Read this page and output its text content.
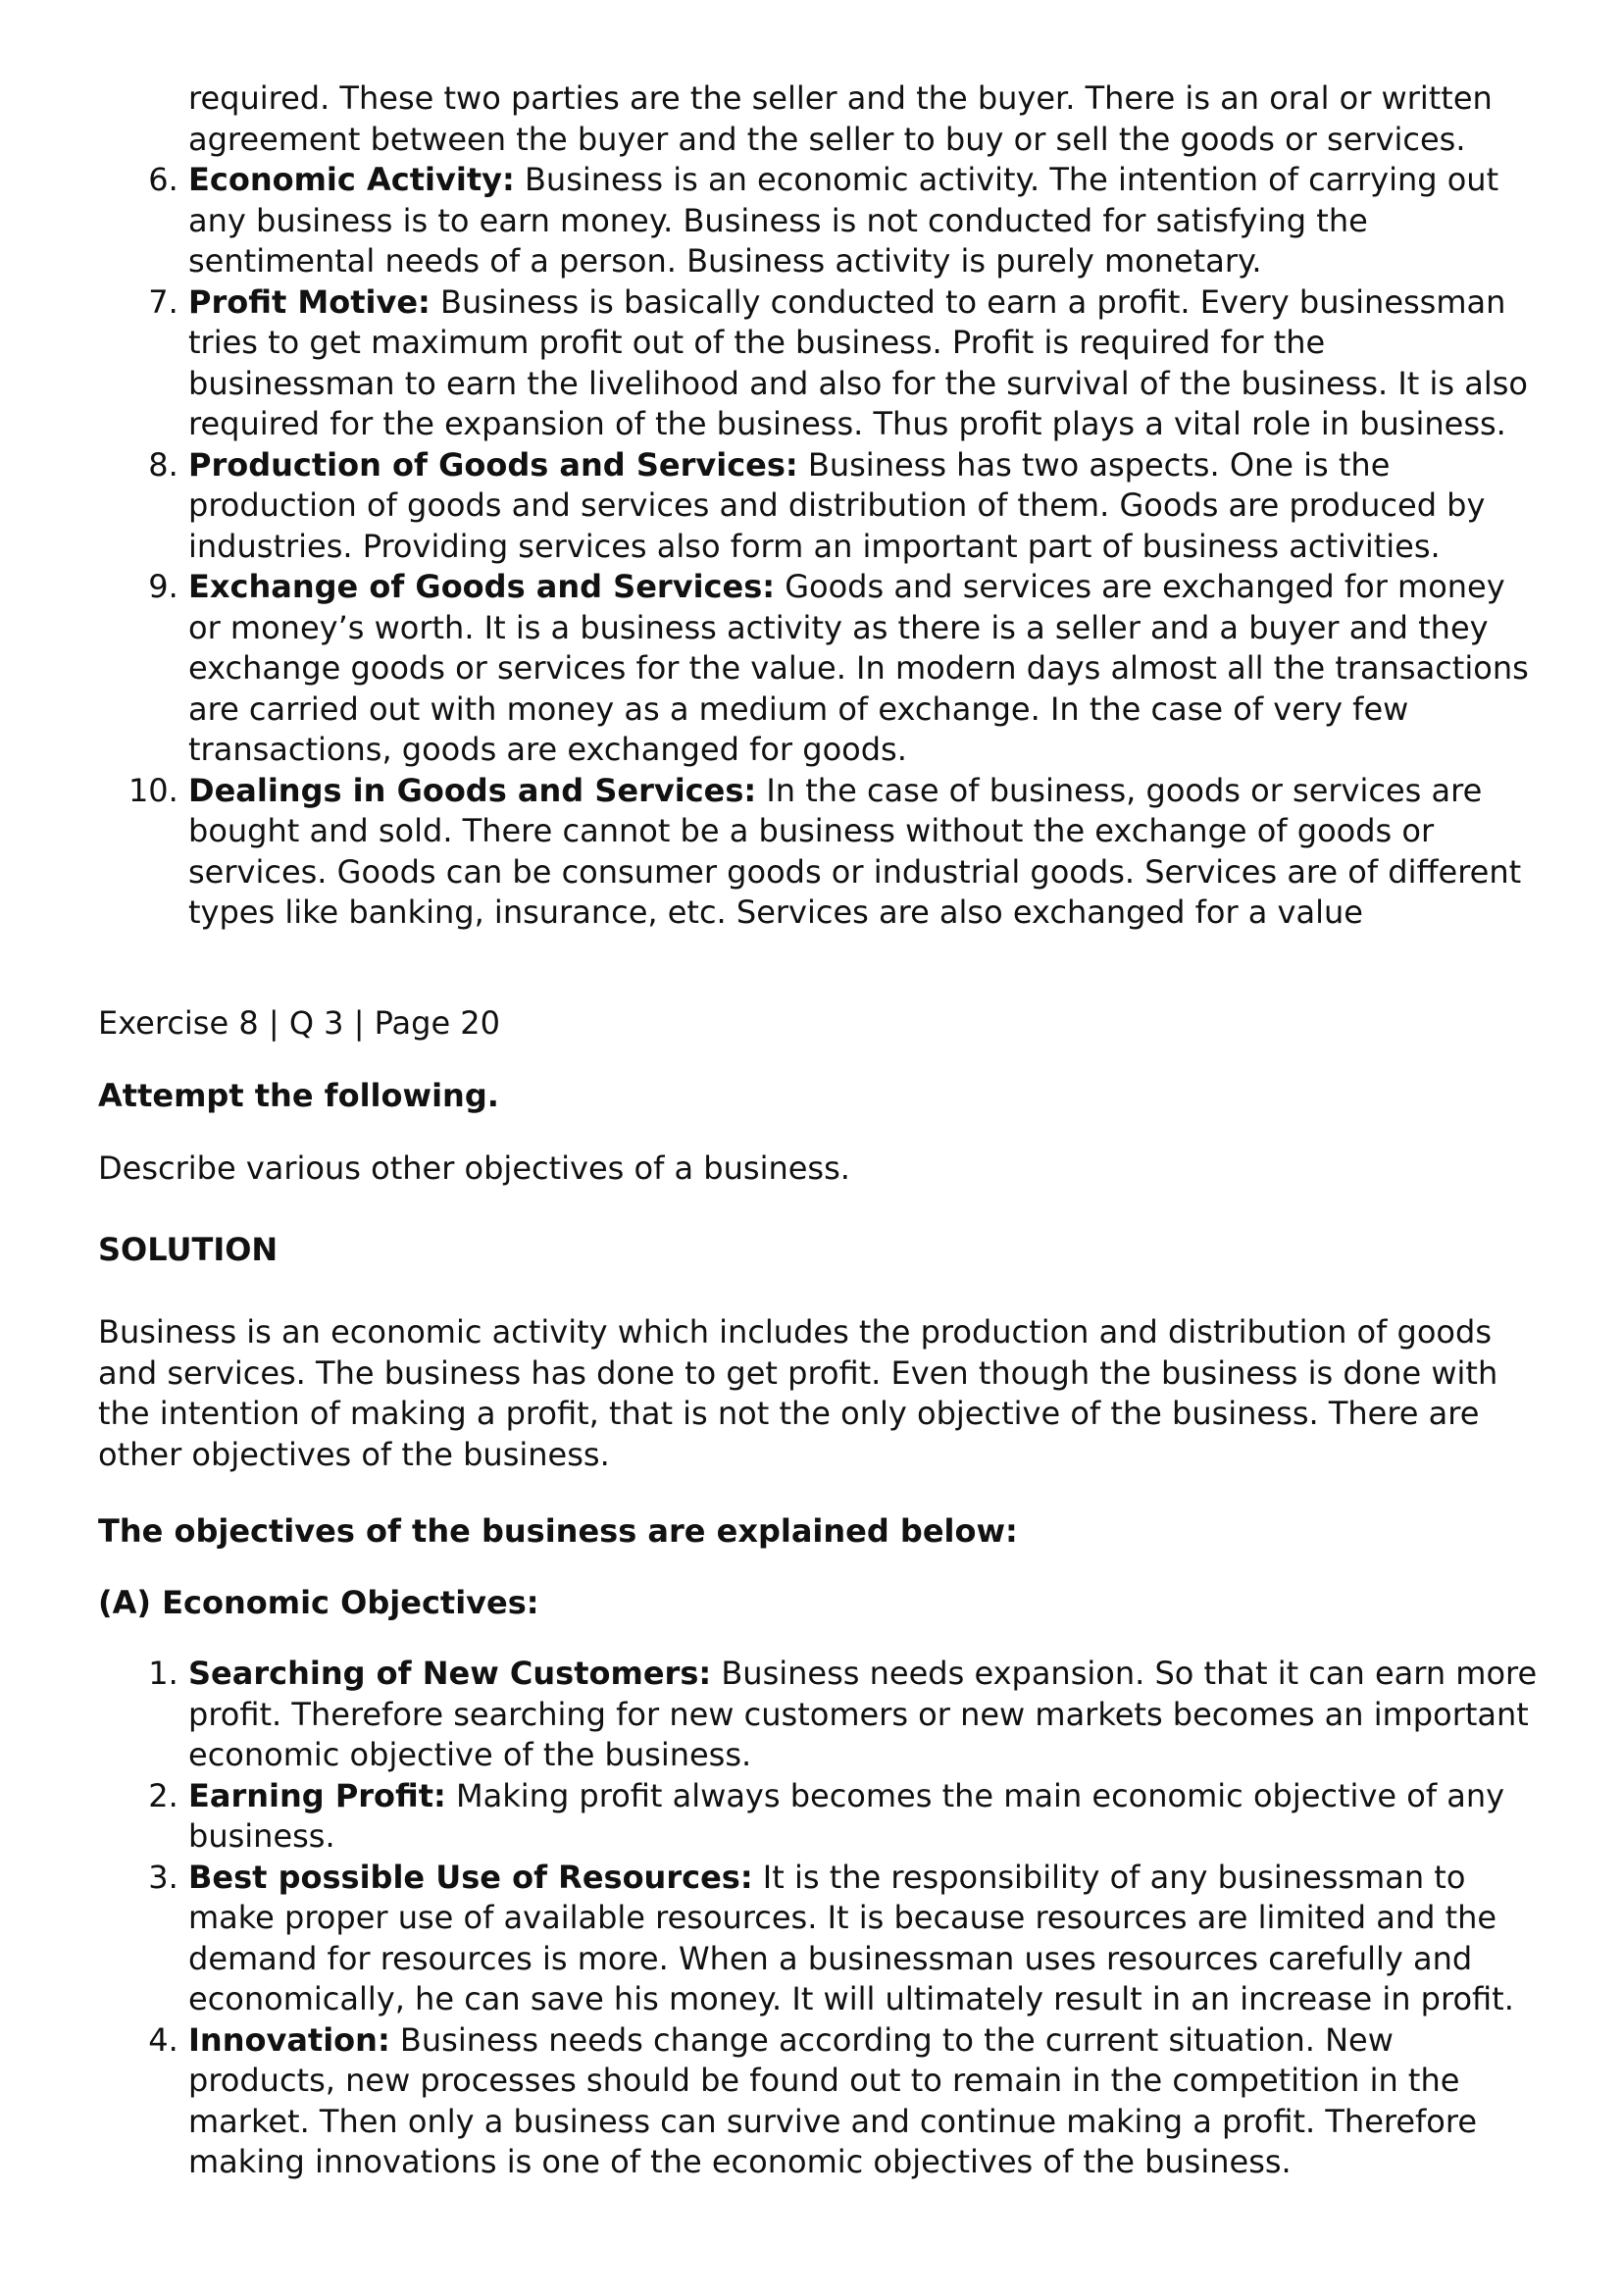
required. These two parties are the seller and the buyer. There is an oral or written agreement between the buyer and the seller to buy or sell the goods or services.

6. Economic Activity: Business is an economic activity. The intention of carrying out any business is to earn money. Business is not conducted for satisfying the sentimental needs of a person. Business activity is purely monetary.
7. Profit Motive: Business is basically conducted to earn a profit. Every businessman tries to get maximum profit out of the business. Profit is required for the businessman to earn the livelihood and also for the survival of the business. It is also required for the expansion of the business. Thus profit plays a vital role in business.
8. Production of Goods and Services: Business has two aspects. One is the production of goods and services and distribution of them. Goods are produced by industries. Providing services also form an important part of business activities.
9. Exchange of Goods and Services: Goods and services are exchanged for money or money’s worth. It is a business activity as there is a seller and a buyer and they exchange goods or services for the value. In modern days almost all the transactions are carried out with money as a medium of exchange. In the case of very few transactions, goods are exchanged for goods.
10. Dealings in Goods and Services: In the case of business, goods or services are bought and sold. There cannot be a business without the exchange of goods or services. Goods can be consumer goods or industrial goods. Services are of different types like banking, insurance, etc. Services are also exchanged for a value

Exercise 8 | Q 3 | Page 20

Attempt the following.

Describe various other objectives of a business.

SOLUTION

Business is an economic activity which includes the production and distribution of goods and services. The business has done to get profit. Even though the business is done with the intention of making a profit, that is not the only objective of the business. There are other objectives of the business.

The objectives of the business are explained below:

(A) Economic Objectives:

1. Searching of New Customers: Business needs expansion. So that it can earn more profit. Therefore searching for new customers or new markets becomes an important economic objective of the business.
2. Earning Profit: Making profit always becomes the main economic objective of any business.
3. Best possible Use of Resources: It is the responsibility of any businessman to make proper use of available resources. It is because resources are limited and the demand for resources is more. When a businessman uses resources carefully and economically, he can save his money. It will ultimately result in an increase in profit.
4. Innovation: Business needs change according to the current situation. New products, new processes should be found out to remain in the competition in the market. Then only a business can survive and continue making a profit. Therefore making innovations is one of the economic objectives of the business.
